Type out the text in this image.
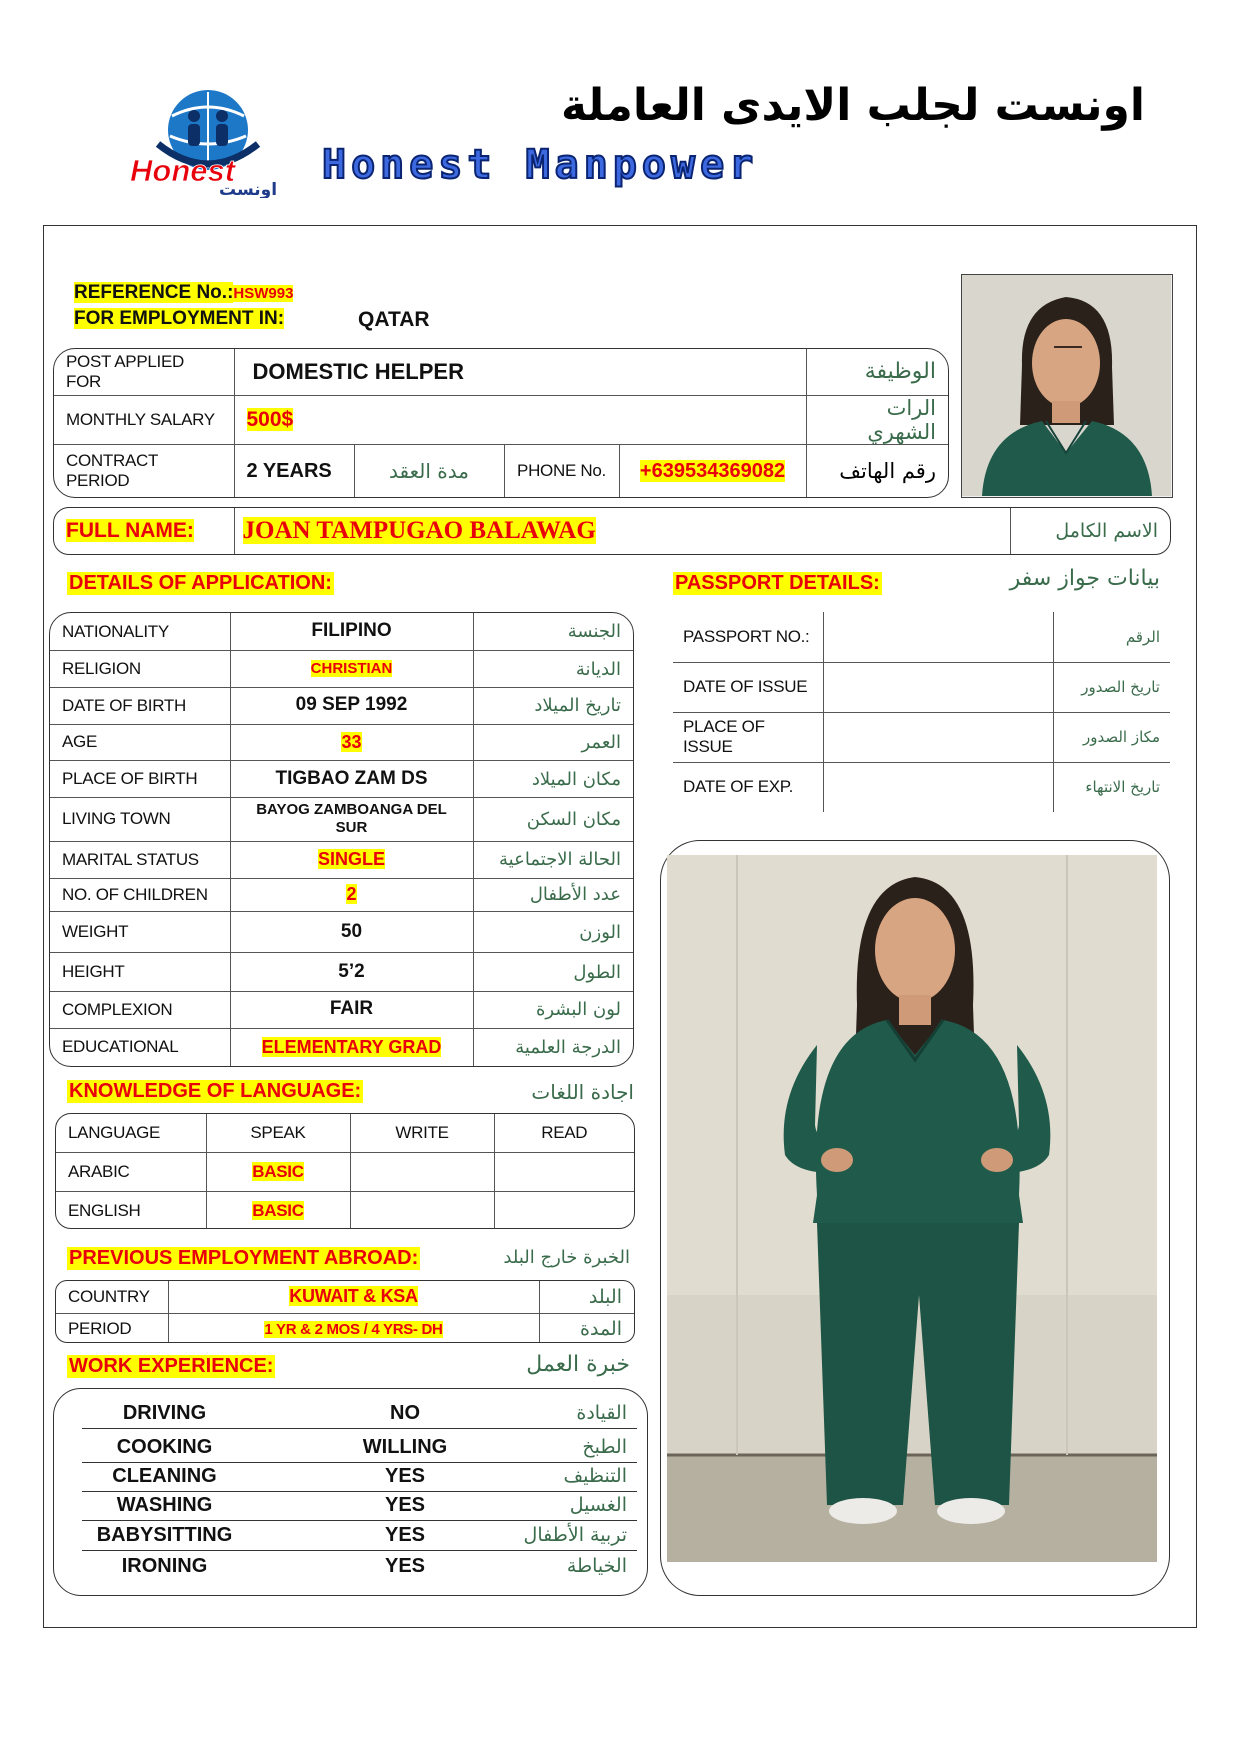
Honest
اونست
اونست لجلب الايدى العاملة
Honest Manpower
REFERENCE No.:HSW993
FOR EMPLOYMENT IN:	QATAR
POST APPLIED FOR	DOMESTIC HELPER				الوظيفة
MONTHLY SALARY	500$				الرات الشهري
CONTRACT PERIOD	2 YEARS	مدة العقد	PHONE No.	+639534369082	رقم الهاتف
FULL NAME:	JOAN TAMPUGAO BALAWAG	الاسم الكامل
DETAILS OF APPLICATION:	PASSPORT DETAILS:	بيانات جواز سفر
NATIONALITY	FILIPINO	الجنسة
RELIGION	CHRISTIAN	الديانة
DATE OF BIRTH	09 SEP 1992	تاريخ الميلاد
AGE	33	العمر
PLACE OF BIRTH	TIGBAO ZAM DS	مكان الميلاد
LIVING TOWN	BAYOG ZAMBOANGA DEL SUR	مكان السكن
MARITAL STATUS	SINGLE	الحالة الاجتماعية
NO. OF CHILDREN	2	عدد الأطفال
WEIGHT	50	الوزن
HEIGHT	5’2	الطول
COMPLEXION	FAIR	لون البشرة
EDUCATIONAL	ELEMENTARY GRAD	الدرجة العلمية
PASSPORT NO.:		الرقم
DATE OF ISSUE		تاريخ الصدور
PLACE OF ISSUE		مكاز الصدور
DATE OF EXP.		تاريخ الانتهاء
KNOWLEDGE OF LANGUAGE:	اجادة اللغات
LANGUAGE	SPEAK	WRITE	READ
ARABIC	BASIC		
ENGLISH	BASIC		
PREVIOUS EMPLOYMENT ABROAD:	الخبرة خارج البلد
COUNTRY	KUWAIT & KSA	البلد
PERIOD	1 YR & 2 MOS / 4 YRS- DH	المدة
WORK EXPERIENCE:	خبرة العمل
DRIVING	NO	القيادة
COOKING	WILLING	الطبخ
CLEANING	YES	التنظيف
WASHING	YES	الغسيل
BABYSITTING	YES	تربية الأطفال
IRONING	YES	الخياطة
